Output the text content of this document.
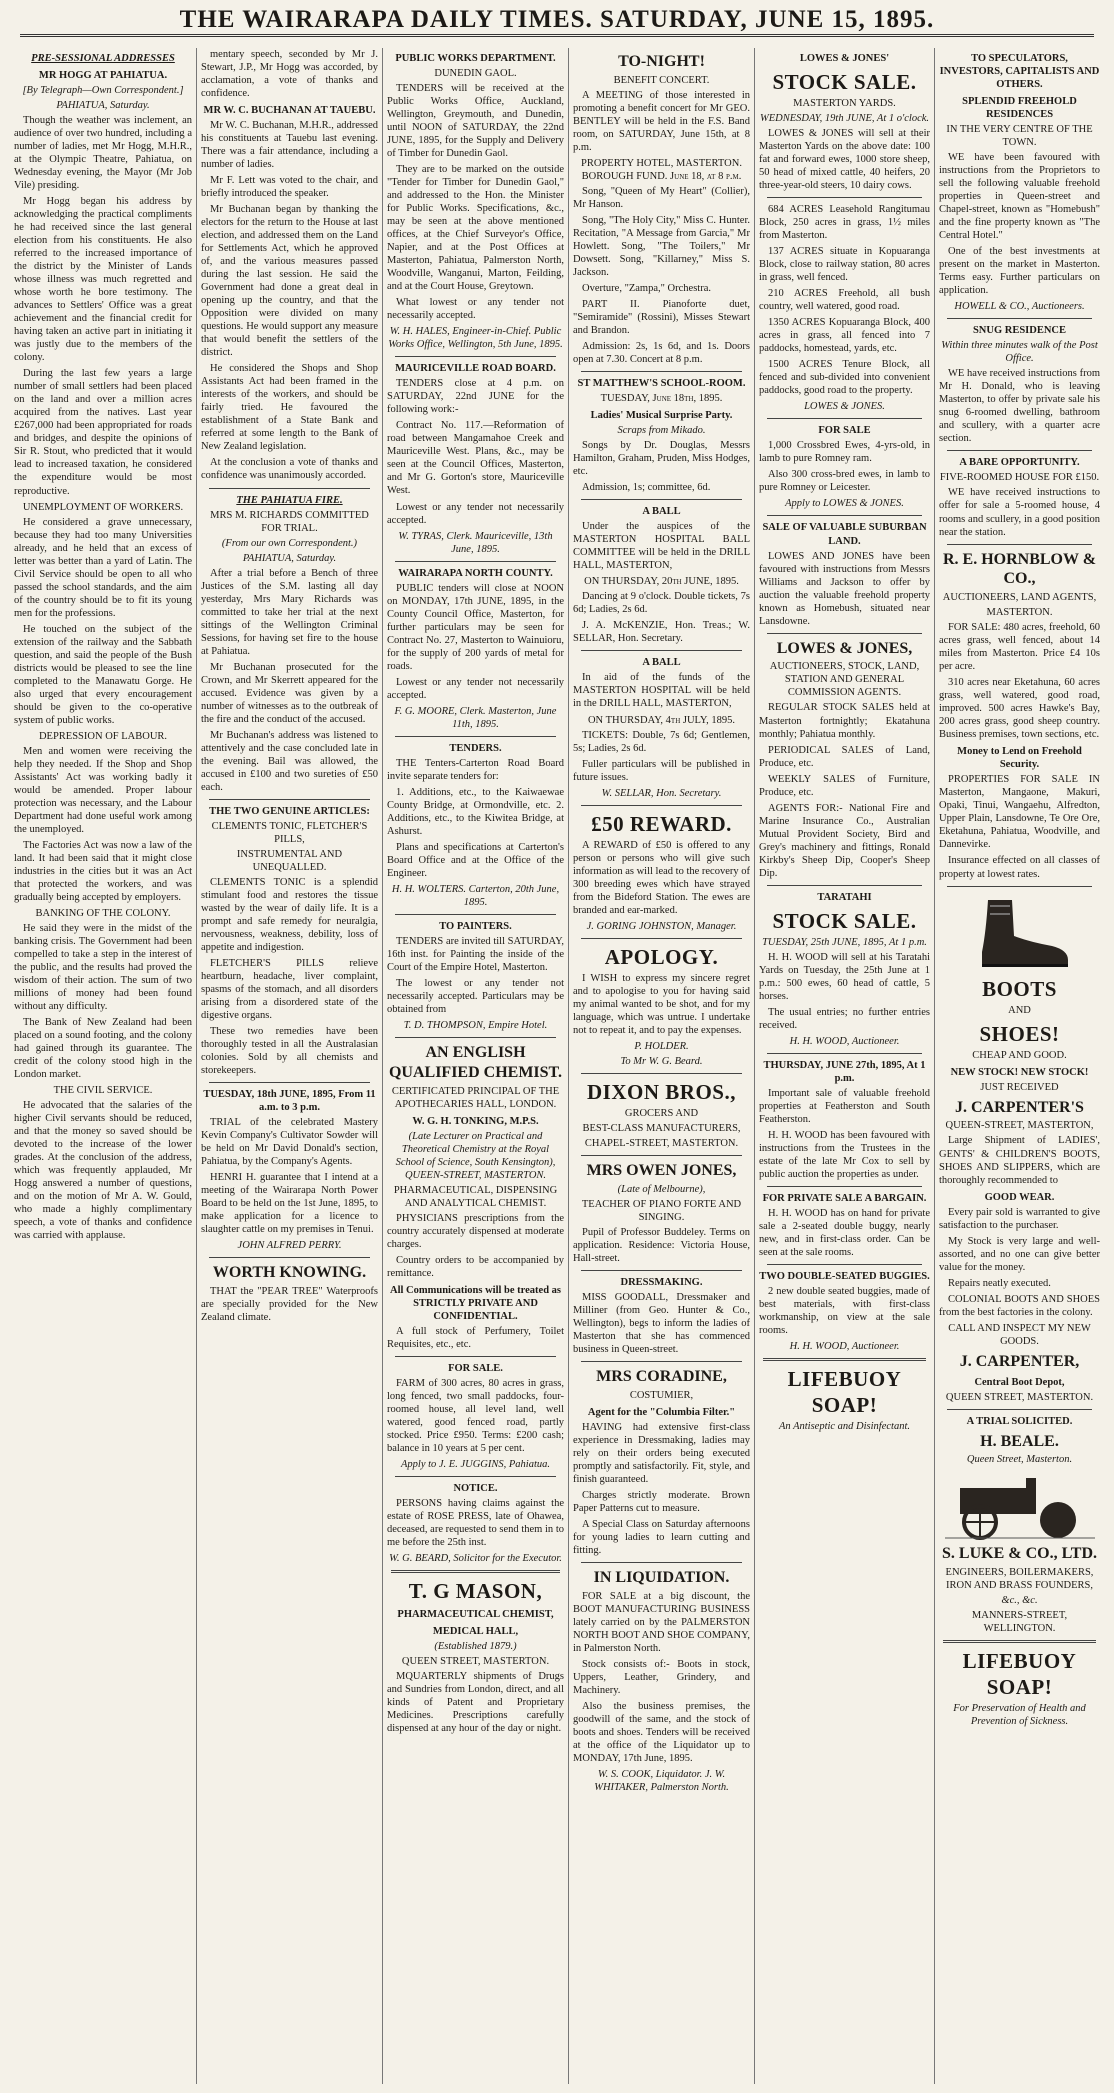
THE WAIRARAPA DAILY TIMES. SATURDAY, JUNE 15, 1895.
PRE-SESSIONAL ADDRESSES
MR HOGG AT PAHIATUA.
[By Telegraph—Own Correspondent.]
PAHIATUA, Saturday.

Though the weather was inclement, an audience of over two hundred, including a number of ladies, met Mr Hogg, M.H.R., at the Olympic Theatre, Pahiatua, on Wednesday evening, the Mayor (Mr Job Vile) presiding.

Mr Hogg began his address by acknowledging the practical compliments he had received since the last general election from his constituents. He also referred to the increased importance of the district by the Minister of Lands whose illness was much regretted and whose worth he bore testimony. The advances to Settlers' Office was a great achievement and the financial credit for having taken an active part in initiating it was justly due to the members of the colony.

During the last few years a large number of small settlers had been placed on the land and over a million acres acquired from the natives. Last year £267,000 had been appropriated for roads and bridges, and despite the opinions of Sir R. Stout, who predicted that it would lead to increased taxation, he considered the expenditure would be most reproductive.

UNEMPLOYMENT OF WORKERS.

He considered a grave unnecessary, because they had too many Universities already, and he held that an excess of letter was better than a yard of Latin. The Civil Service should be open to all who passed the school standards, and the aim of the country should be to fit its young men for the professions.

He touched on the subject of the extension of the railway and the Sabbath question, and said the people of the Bush districts would be pleased to see the line completed to the Manawatu Gorge. He also urged that every encouragement should be given to the co-operative system of public works.

DEPRESSION OF LABOUR.

Men and women were receiving the help they needed. If the Shop and Shop Assistants' Act was working badly it would be amended. Proper labour protection was necessary, and the Labour Department had done useful work among the unemployed.

The Factories Act was now a law of the land. It had been said that it might close industries in the cities but it was an Act that protected the workers, and was gradually being accepted by employers.

BANKING OF THE COLONY.

He said they were in the midst of the banking crisis. The Government had been compelled to take a step in the interest of the public, and the results had proved the wisdom of their action. The sum of two millions of money had been found without any difficulty.

The Bank of New Zealand had been placed on a sound footing, and the colony had gained through its guarantee. The credit of the colony stood high in the London market.

THE CIVIL SERVICE.

He advocated that the salaries of the higher Civil servants should be reduced, and that the money so saved should be devoted to the increase of the lower grades. At the conclusion of the address, which was frequently applauded, Mr Hogg answered a number of questions, and on the motion of Mr A. W. Gould, who made a highly complimentary speech, a vote of thanks and confidence was carried with applause.

mentary speech, seconded by Mr J. Stewart, J.P., Mr Hogg was accorded, by acclamation, a vote of thanks and confidence.

MR W. C. BUCHANAN AT TAUEBU.

Mr W. C. Buchanan, M.H.R., addressed his constituents at Tauebu last evening. There was a fair attendance, including a number of ladies.

Mr F. Lett was voted to the chair, and briefly introduced the speaker.

Mr Buchanan began by thanking the electors for the return to the House at last election, and addressed them on the Land for Settlements Act, which he approved of, and the various measures passed during the last session. He said the Government had done a great deal in opening up the country, and that the Opposition were divided on many questions. He would support any measure that would benefit the settlers of the district.

He considered the Shops and Shop Assistants Act had been framed in the interests of the workers, and should be fairly tried. He favoured the establishment of a State Bank and referred at some length to the Bank of New Zealand legislation.

At the conclusion a vote of thanks and confidence was unanimously accorded.

THE PAHIATUA FIRE.
MRS M. RICHARDS COMMITTED FOR TRIAL.
(From our own Correspondent.)
PAHIATUA, Saturday.

After a trial before a Bench of three Justices of the S.M. lasting all day yesterday, Mrs Mary Richards was committed to take her trial at the next sittings of the Wellington Criminal Sessions, for having set fire to the house at Pahiatua.

Mr Buchanan prosecuted for the Crown, and Mr Skerrett appeared for the accused. Evidence was given by a number of witnesses as to the outbreak of the fire and the conduct of the accused.

Mr Buchanan's address was listened to attentively and the case concluded late in the evening. Bail was allowed, the accused in £100 and two sureties of £50 each.

THE TWO GENUINE ARTICLES:
CLEMENTS TONIC, FLETCHER'S PILLS,
INSTRUMENTAL AND UNEQUALLED.

CLEMENTS TONIC is a splendid stimulant food and restores the tissue wasted by the wear of daily life. It is a prompt and safe remedy for neuralgia, nervousness, weakness, debility, loss of appetite and indigestion.

FLETCHER'S PILLS relieve heartburn, headache, liver complaint, spasms of the stomach, and all disorders arising from a disordered state of the digestive organs.

These two remedies have been thoroughly tested in all the Australasian colonies. Sold by all chemists and storekeepers.

TUESDAY, 18th JUNE, 1895, From 11 a.m. to 3 p.m.

TRIAL of the celebrated Mastery Kevin Company's Cultivator Sowder will be held on Mr David Donald's section, Pahiatua, by the Company's Agents.

HENRI H. guarantee that I intend at a meeting of the Wairarapa North Power Board to be held on the 1st June, 1895, to make application for a licence to slaughter cattle on my premises in Tenui.

JOHN ALFRED PERRY.
WORTH KNOWING.

THAT the "PEAR TREE" Waterproofs are specially provided for the New Zealand climate.

PUBLIC WORKS DEPARTMENT.
DUNEDIN GAOL.

TENDERS will be received at the Public Works Office, Auckland, Wellington, Greymouth, and Dunedin, until NOON of SATURDAY, the 22nd JUNE, 1895, for the Supply and Delivery of Timber for Dunedin Gaol.

They are to be marked on the outside "Tender for Timber for Dunedin Gaol," and addressed to the Hon. the Minister for Public Works. Specifications, &c., may be seen at the above mentioned offices, at the Chief Surveyor's Office, Napier, and at the Post Offices at Masterton, Pahiatua, Palmerston North, Woodville, Wanganui, Marton, Feilding, and at the Court House, Greytown.

What lowest or any tender not necessarily accepted.

W. H. HALES, Engineer-in-Chief. Public Works Office, Wellington, 5th June, 1895.
MAURICEVILLE ROAD BOARD.

TENDERS close at 4 p.m. on SATURDAY, 22nd JUNE for the following work:-

Contract No. 117.—Reformation of road between Mangamahoe Creek and Mauriceville West. Plans, &c., may be seen at the Council Offices, Masterton, and Mr G. Gorton's store, Mauriceville West.

Lowest or any tender not necessarily accepted.

W. TYRAS, Clerk. Mauriceville, 13th June, 1895.
WAIRARAPA NORTH COUNTY.

PUBLIC tenders will close at NOON on MONDAY, 17th JUNE, 1895, in the County Council Office, Masterton, for further particulars may be seen for Contract No. 27, Masterton to Wainuioru, for the supply of 200 yards of metal for roads.

Lowest or any tender not necessarily accepted.

F. G. MOORE, Clerk. Masterton, June 11th, 1895.
TENDERS.

THE Tenters-Carterton Road Board invite separate tenders for:

1. Additions, etc., to the Kaiwaewae County Bridge, at Ormondville, etc. 2. Additions, etc., to the Kiwitea Bridge, at Ashurst.

Plans and specifications at Carterton's Board Office and at the Office of the Engineer.

H. H. WOLTERS. Carterton, 20th June, 1895.
TO PAINTERS.

TENDERS are invited till SATURDAY, 16th inst. for Painting the inside of the Court of the Empire Hotel, Masterton.

The lowest or any tender not necessarily accepted. Particulars may be obtained from

T. D. THOMPSON, Empire Hotel.
AN ENGLISH QUALIFIED CHEMIST.
CERTIFICATED PRINCIPAL OF THE APOTHECARIES HALL, LONDON.
W. G. H. TONKING, M.P.S.
(Late Lecturer on Practical and Theoretical Chemistry at the Royal School of Science, South Kensington), QUEEN-STREET, MASTERTON.
PHARMACEUTICAL, DISPENSING AND ANALYTICAL CHEMIST.

PHYSICIANS prescriptions from the country accurately dispensed at moderate charges.

Country orders to be accompanied by remittance.

All Communications will be treated as STRICTLY PRIVATE AND CONFIDENTIAL.

A full stock of Perfumery, Toilet Requisites, etc., etc.

FOR SALE.

FARM of 300 acres, 80 acres in grass, long fenced, two small paddocks, four-roomed house, all level land, well watered, good fenced road, partly stocked. Price £950. Terms: £200 cash; balance in 10 years at 5 per cent.

Apply to J. E. JUGGINS, Pahiatua.
NOTICE.

PERSONS having claims against the estate of ROSE PRESS, late of Ohawea, deceased, are requested to send them in to me before the 25th inst.

W. G. BEARD, Solicitor for the Executor.
T. G MASON,
PHARMACEUTICAL CHEMIST,
MEDICAL HALL,
(Established 1879.)
QUEEN STREET, MASTERTON.

MQUARTERLY shipments of Drugs and Sundries from London, direct, and all kinds of Patent and Proprietary Medicines. Prescriptions carefully dispensed at any hour of the day or night.

TO-NIGHT!
BENEFIT CONCERT.

A MEETING of those interested in promoting a benefit concert for Mr GEO. BENTLEY will be held in the F.S. Band room, on SATURDAY, June 15th, at 8 p.m.

PROPERTY HOTEL, MASTERTON. BOROUGH FUND. June 18, at 8 p.m.

Song, "Queen of My Heart" (Collier), Mr Hanson.

Song, "The Holy City," Miss C. Hunter. Recitation, "A Message from Garcia," Mr Howlett. Song, "The Toilers," Mr Dowsett. Song, "Killarney," Miss S. Jackson.

Overture, "Zampa," Orchestra.

PART II. Pianoforte duet, "Semiramide" (Rossini), Misses Stewart and Brandon.

Admission: 2s, 1s 6d, and 1s. Doors open at 7.30. Concert at 8 p.m.

ST MATTHEW'S SCHOOL-ROOM.
TUESDAY, June 18th, 1895.
Ladies' Musical Surprise Party.
Scraps from Mikado.

Songs by Dr. Douglas, Messrs Hamilton, Graham, Pruden, Miss Hodges, etc.

Admission, 1s; committee, 6d.

A BALL

Under the auspices of the MASTERTON HOSPITAL BALL COMMITTEE will be held in the DRILL HALL, MASTERTON,

ON THURSDAY, 20th JUNE, 1895.

Dancing at 9 o'clock. Double tickets, 7s 6d; Ladies, 2s 6d.

J. A. McKENZIE, Hon. Treas.; W. SELLAR, Hon. Secretary.

A BALL

In aid of the funds of the MASTERTON HOSPITAL will be held in the DRILL HALL, MASTERTON,

ON THURSDAY, 4th JULY, 1895.

TICKETS: Double, 7s 6d; Gentlemen, 5s; Ladies, 2s 6d.

Fuller particulars will be published in future issues.

W. SELLAR, Hon. Secretary.
£50 REWARD.

A REWARD of £50 is offered to any person or persons who will give such information as will lead to the recovery of 300 breeding ewes which have strayed from the Bideford Station. The ewes are branded and ear-marked.

J. GORING JOHNSTON, Manager.
APOLOGY.

I WISH to express my sincere regret and to apologise to you for having said my animal wanted to be shot, and for my language, which was untrue. I undertake not to repeat it, and to pay the expenses.

P. HOLDER.
To Mr W. G. Beard.
DIXON BROS.,
GROCERS AND
BEST-CLASS MANUFACTURERS,
CHAPEL-STREET, MASTERTON.
MRS OWEN JONES,
(Late of Melbourne),
TEACHER OF PIANO FORTE AND SINGING.

Pupil of Professor Buddeley. Terms on application. Residence: Victoria House, Hall-street.

DRESSMAKING.

MISS GOODALL, Dressmaker and Milliner (from Geo. Hunter & Co., Wellington), begs to inform the ladies of Masterton that she has commenced business in Queen-street.

MRS CORADINE,
COSTUMIER,
Agent for the "Columbia Filter."

HAVING had extensive first-class experience in Dressmaking, ladies may rely on their orders being executed promptly and satisfactorily. Fit, style, and finish guaranteed.

Charges strictly moderate. Brown Paper Patterns cut to measure.

A Special Class on Saturday afternoons for young ladies to learn cutting and fitting.

IN LIQUIDATION.

FOR SALE at a big discount, the BOOT MANUFACTURING BUSINESS lately carried on by the PALMERSTON NORTH BOOT AND SHOE COMPANY, in Palmerston North.

Stock consists of:- Boots in stock, Uppers, Leather, Grindery, and Machinery.

Also the business premises, the goodwill of the same, and the stock of boots and shoes. Tenders will be received at the office of the Liquidator up to MONDAY, 17th June, 1895.

W. S. COOK, Liquidator. J. W. WHITAKER, Palmerston North.
LOWES & JONES'
STOCK SALE.
MASTERTON YARDS.
WEDNESDAY, 19th JUNE, At 1 o'clock.

LOWES & JONES will sell at their Masterton Yards on the above date: 100 fat and forward ewes, 1000 store sheep, 50 head of mixed cattle, 40 heifers, 20 three-year-old steers, 10 dairy cows.

684 ACRES Leasehold Rangitumau Block, 250 acres in grass, 1½ miles from Masterton.

137 ACRES situate in Kopuaranga Block, close to railway station, 80 acres in grass, well fenced.

210 ACRES Freehold, all bush country, well watered, good road.

1350 ACRES Kopuaranga Block, 400 acres in grass, all fenced into 7 paddocks, homestead, yards, etc.

1500 ACRES Tenure Block, all fenced and sub-divided into convenient paddocks, good road to the property.

LOWES & JONES.
FOR SALE

1,000 Crossbred Ewes, 4-yrs-old, in lamb to pure Romney ram.

Also 300 cross-bred ewes, in lamb to pure Romney or Leicester.

Apply to LOWES & JONES.
SALE OF VALUABLE SUBURBAN LAND.

LOWES AND JONES have been favoured with instructions from Messrs Williams and Jackson to offer by auction the valuable freehold property known as Homebush, situated near Lansdowne.

LOWES & JONES,
AUCTIONEERS, STOCK, LAND, STATION AND GENERAL COMMISSION AGENTS.

REGULAR STOCK SALES held at Masterton fortnightly; Ekatahuna monthly; Pahiatua monthly.

PERIODICAL SALES of Land, Produce, etc.

WEEKLY SALES of Furniture, Produce, etc.

AGENTS FOR:- National Fire and Marine Insurance Co., Australian Mutual Provident Society, Bird and Grey's machinery and fittings, Ronald Kirkby's Sheep Dip, Cooper's Sheep Dip.

TARATAHI
STOCK SALE.
TUESDAY, 25th JUNE, 1895, At 1 p.m.

H. H. WOOD will sell at his Taratahi Yards on Tuesday, the 25th June at 1 p.m.: 500 ewes, 60 head of cattle, 5 horses.

The usual entries; no further entries received.

H. H. WOOD, Auctioneer.
THURSDAY, JUNE 27th, 1895, At 1 p.m.

Important sale of valuable freehold properties at Featherston and South Featherston.

H. H. WOOD has been favoured with instructions from the Trustees in the estate of the late Mr Cox to sell by public auction the properties as under.

FOR PRIVATE SALE A BARGAIN.

H. H. WOOD has on hand for private sale a 2-seated double buggy, nearly new, and in first-class order. Can be seen at the sale rooms.

TWO DOUBLE-SEATED BUGGIES.

2 new double seated buggies, made of best materials, with first-class workmanship, on view at the sale rooms.

H. H. WOOD, Auctioneer.
LIFEBUOY SOAP!
An Antiseptic and Disinfectant.
TO SPECULATORS, INVESTORS, CAPITALISTS AND OTHERS.
SPLENDID FREEHOLD RESIDENCES
IN THE VERY CENTRE OF THE TOWN.

WE have been favoured with instructions from the Proprietors to sell the following valuable freehold properties in Queen-street and Chapel-street, known as "Homebush" and the fine property known as "The Central Hotel."

One of the best investments at present on the market in Masterton. Terms easy. Further particulars on application.

HOWELL & CO., Auctioneers.
SNUG RESIDENCE
Within three minutes walk of the Post Office.

WE have received instructions from Mr H. Donald, who is leaving Masterton, to offer by private sale his snug 6-roomed dwelling, bathroom and scullery, with a quarter acre section.

A BARE OPPORTUNITY.
FIVE-ROOMED HOUSE FOR £150.

WE have received instructions to offer for sale a 5-roomed house, 4 rooms and scullery, in a good position near the station.

R. E. HORNBLOW & CO.,
AUCTIONEERS, LAND AGENTS,
MASTERTON.

FOR SALE: 480 acres, freehold, 60 acres grass, well fenced, about 14 miles from Masterton. Price £4 10s per acre.

310 acres near Eketahuna, 60 acres grass, well watered, good road, improved. 500 acres Hawke's Bay, 200 acres grass, good sheep country. Business premises, town sections, etc.

Money to Lend on Freehold Security.

PROPERTIES FOR SALE IN Masterton, Mangaone, Makuri, Opaki, Tinui, Wangaehu, Alfredton, Upper Plain, Lansdowne, Te Ore Ore, Eketahuna, Pahiatua, Woodville, and Dannevirke.

Insurance effected on all classes of property at lowest rates.

BOOTS
AND
SHOES!
CHEAP AND GOOD.
NEW STOCK! NEW STOCK!
JUST RECEIVED
J. CARPENTER'S
QUEEN-STREET, MASTERTON,

Large Shipment of LADIES', GENTS' & CHILDREN'S BOOTS, SHOES AND SLIPPERS, which are thoroughly recommended to

GOOD WEAR.

Every pair sold is warranted to give satisfaction to the purchaser.

My Stock is very large and well-assorted, and no one can give better value for the money.

Repairs neatly executed.

COLONIAL BOOTS AND SHOES from the best factories in the colony.

CALL AND INSPECT MY NEW GOODS.
J. CARPENTER,
Central Boot Depot,
QUEEN STREET, MASTERTON.
A TRIAL SOLICITED.
H. BEALE.
Queen Street, Masterton.
S. LUKE & CO., LTD.
ENGINEERS, BOILERMAKERS, IRON AND BRASS FOUNDERS,
&c., &c.
MANNERS-STREET, WELLINGTON.
LIFEBUOY SOAP!
For Preservation of Health and Prevention of Sickness.
